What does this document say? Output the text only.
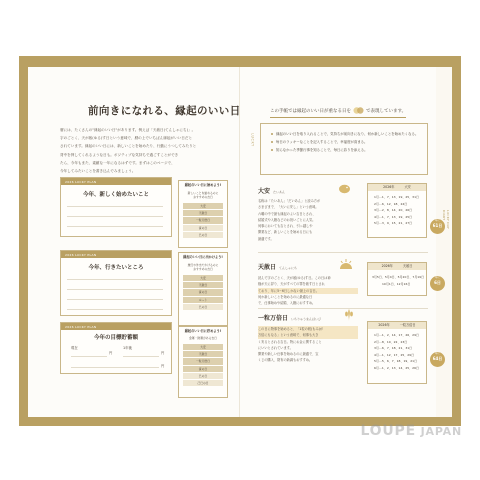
LUCKY DAY DIARY
前向きになれる、縁起のいい日

暦には、たくさんの"縁起のいい日"があります。例えば「天赦日(てんしゃにち)」。

字のごとく、天が赦(ゆる)す日という意味で、暦の上でいちばん縁起がいい日だと

されています。縁起のいい日には、新しいことを始めたり、行動にうつしてみたりと

背中を押してくれるような日も。ポジティブな気持ちで過ごすことができ

たら、今年もまた、素敵な一年になるはずです。まずはこのページで、

今年してみたいことを書き込んでみましょう。

2026 LUCKY PLAN
今年、新しく始めたいこと
縁起のいい日に始めよう!
新しいことを始めるのに
おすすめの吉日
大安
天赦日
一粒万倍日
寅の日
巳の日
2026 LUCKY PLAN
今年、行きたいところ
縁起のいい日に出かけよう!
旅行や外出でかけるのに
おすすめの吉日
大安
天赦日
寅の日
ルート
巳の日
2026 LUCKY PLAN
今年の目標貯蓄額
現在
円
1年後
円
円
縁起のいい日に貯めよう!
金運・財運がある吉日
大安
天赦日
一粒万倍日
寅の日
巳の日
己巳の日
この手帳では縁起のいい日が重なる日を	で表現しています。
LUCKY	縁起のいい日を取り入れることで、気持ちが前向きになり、何か新しいことを始めたくなる。
毎日のラッキーなことを記入することで、幸福度が高まる。
知らなかった季節行事を知ることで、毎日に彩りを添える。
大安 たいあん

名称は「たいあん」「だいあん」と読み方が

さまざまで、「大いに安し」という意味。

六曜の中で最も縁起のよい吉日とされ、

結婚式や入籍などのお祝いごとに人気。

何事においても吉とされ、引っ越しや

開業など、新しいことを始める日にも

最適です。

2026年	大安
1月…1、7、13、19、25、31日
2月…6、12、18、24日
3月…2、8、14、20、26日
4月…1、7、13、19、25日
5月…3、9、15、21、27日
年に
61日
天赦日 てんしゃにち

読んで字のごとく、天が赦(ゆる)す日。この日は神

様が天に昇り、天がすべての罪を赦す日とされ

ており、年に5~6日しかない最上の吉日。

何か新しいことを始めるのに最適な日

で、仕事始めや結婚、入籍におすすめ。

2026年	天赦日
3月5日、5月4日、5月20日、7月19日
10月1日、12月16日
年に
6日
一粒万倍日 いちりゅうまんばいび

この日に物事を始めると、「1粒の籾(もみ)が

万倍にもなる」という意味で、何事も大き

く実るとされる吉日。特にお金に関すること

にいいとされています。

開業や新しい仕事を始めるのに最適で、宝

くじの購入、財布の新調もおすすめ。

2026年	一粒万倍日
1月…1、2、14、17、26、29日
2月…8、10、22、23日
3月…6、7、18、21、31日
4月…1、12、17、25、29日
5月…5、6、7、18、19、21日
6月…1、2、13、14、25、26日
年に
64日
LOUPE JAPAN
